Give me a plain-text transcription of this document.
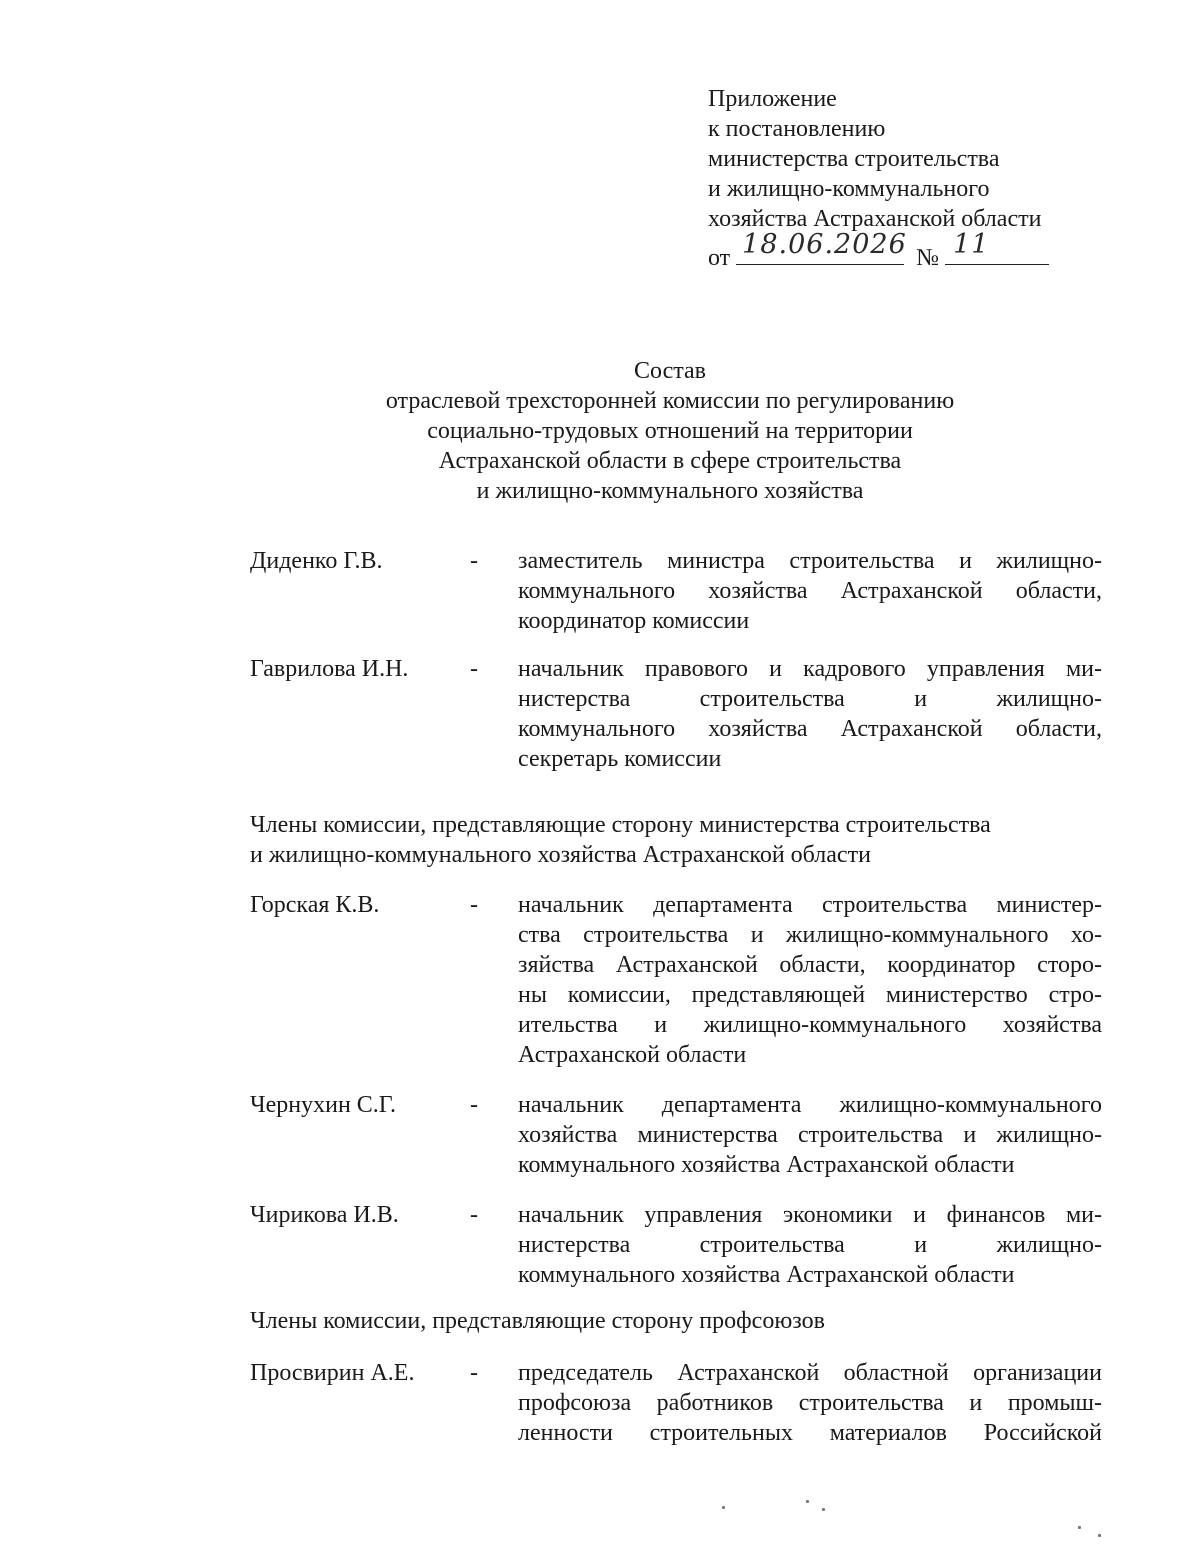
Приложение
к постановлению
министерства строительства
и жилищно-коммунального
хозяйства Астраханской области
от 18.06.2026 № 11
Состав
отраслевой трехсторонней комиссии по регулированию
социально-трудовых отношений на территории
Астраханской области в сфере строительства
и жилищно-коммунального хозяйства
Диденко Г.В.	- заместитель министра строительства и жилищно-
коммунального хозяйства Астраханской области,
координатор комиссии
Гаврилова И.Н.	- начальник правового и кадрового управления ми-
нистерства строительства и жилищно-
коммунального хозяйства Астраханской области,
секретарь комиссии
Члены комиссии, представляющие сторону министерства строительства
и жилищно-коммунального хозяйства Астраханской области
Горская К.В.	- начальник департамента строительства министер-
ства строительства и жилищно-коммунального хо-
зяйства Астраханской области, координатор сторо-
ны комиссии, представляющей министерство стро-
ительства и жилищно-коммунального хозяйства
Астраханской области
Чернухин С.Г.	- начальник департамента жилищно-коммунального
хозяйства министерства строительства и жилищно-
коммунального хозяйства Астраханской области
Чирикова И.В.	- начальник управления экономики и финансов ми-
нистерства строительства и жилищно-
коммунального хозяйства Астраханской области
Члены комиссии, представляющие сторону профсоюзов
Просвирин А.Е. - председатель Астраханской областной организации
профсоюза работников строительства и промыш-
ленности строительных материалов Российской
